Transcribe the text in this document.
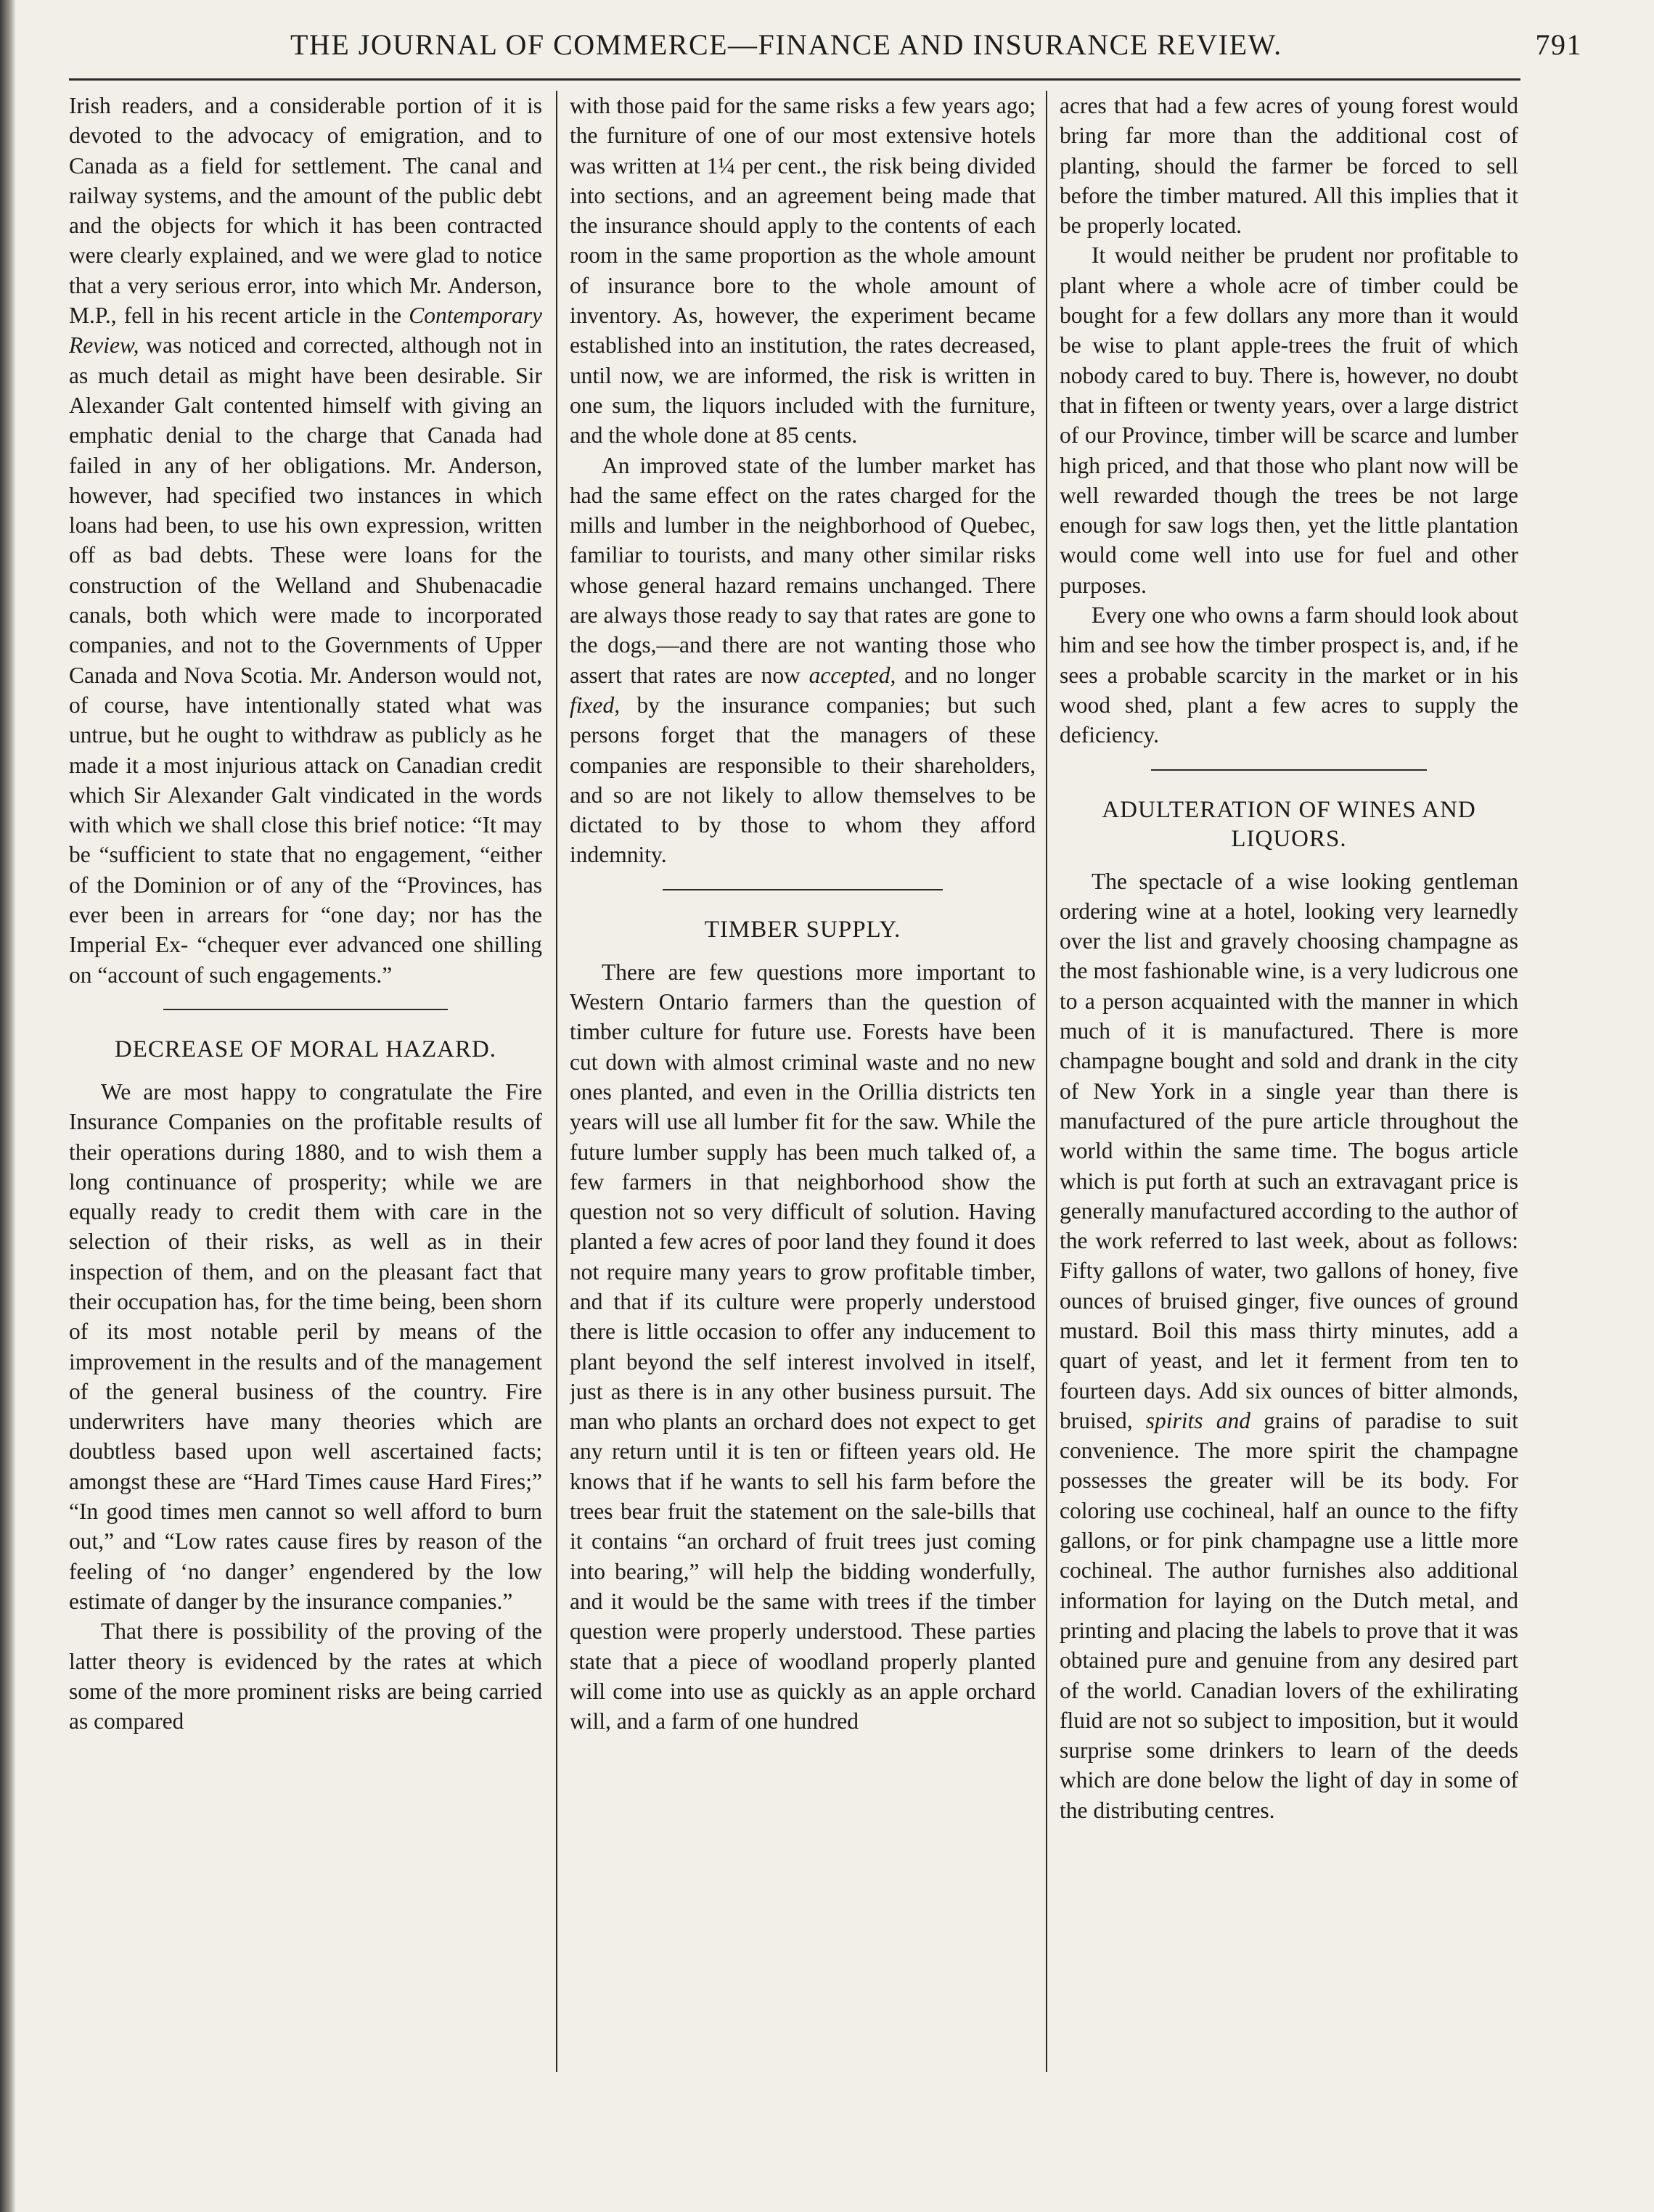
THE JOURNAL OF COMMERCE—FINANCE AND INSURANCE REVIEW.	791

Irish readers, and a considerable portion of it is devoted to the advocacy of emigration, and to Canada as a field for settlement. The canal and railway systems, and the amount of the public debt and the objects for which it has been contracted were clearly explained, and we were glad to notice that a very serious error, into which Mr. Anderson, M.P., fell in his recent article in the Contemporary Review, was noticed and corrected, although not in as much detail as might have been desirable. Sir Alexander Galt contented himself with giving an emphatic denial to the charge that Canada had failed in any of her obligations. Mr. Anderson, however, had specified two instances in which loans had been, to use his own expression, written off as bad debts. These were loans for the construction of the Welland and Shubenacadie canals, both which were made to incorporated companies, and not to the Governments of Upper Canada and Nova Scotia. Mr. Anderson would not, of course, have intentionally stated what was untrue, but he ought to withdraw as publicly as he made it a most injurious attack on Canadian credit which Sir Alexander Galt vindicated in the words with which we shall close this brief notice: “It may be “sufficient to state that no engagement, “either of the Dominion or of any of the “Provinces, has ever been in arrears for “one day; nor has the Imperial Ex- “chequer ever advanced one shilling on “account of such engagements.”

DECREASE OF MORAL HAZARD.

We are most happy to congratulate the Fire Insurance Companies on the profitable results of their operations during 1880, and to wish them a long continuance of prosperity; while we are equally ready to credit them with care in the selection of their risks, as well as in their inspection of them, and on the pleasant fact that their occupation has, for the time being, been shorn of its most notable peril by means of the improvement in the results and of the management of the general business of the country. Fire underwriters have many theories which are doubtless based upon well ascertained facts; amongst these are “Hard Times cause Hard Fires;” “In good times men cannot so well afford to burn out,” and “Low rates cause fires by reason of the feeling of ‘no danger’ engendered by the low estimate of danger by the insurance companies.”

That there is possibility of the proving of the latter theory is evidenced by the rates at which some of the more prominent risks are being carried as compared

with those paid for the same risks a few years ago; the furniture of one of our most extensive hotels was written at 1¼ per cent., the risk being divided into sections, and an agreement being made that the insurance should apply to the contents of each room in the same proportion as the whole amount of insurance bore to the whole amount of inventory. As, however, the experiment became established into an institution, the rates decreased, until now, we are informed, the risk is written in one sum, the liquors included with the furniture, and the whole done at 85 cents.

An improved state of the lumber market has had the same effect on the rates charged for the mills and lumber in the neighborhood of Quebec, familiar to tourists, and many other similar risks whose general hazard remains unchanged. There are always those ready to say that rates are gone to the dogs,—and there are not wanting those who assert that rates are now accepted, and no longer fixed, by the insurance companies; but such persons forget that the managers of these companies are responsible to their shareholders, and so are not likely to allow themselves to be dictated to by those to whom they afford indemnity.

TIMBER SUPPLY.

There are few questions more important to Western Ontario farmers than the question of timber culture for future use. Forests have been cut down with almost criminal waste and no new ones planted, and even in the Orillia districts ten years will use all lumber fit for the saw. While the future lumber supply has been much talked of, a few farmers in that neighborhood show the question not so very difficult of solution. Having planted a few acres of poor land they found it does not require many years to grow profitable timber, and that if its culture were properly understood there is little occasion to offer any inducement to plant beyond the self interest involved in itself, just as there is in any other business pursuit. The man who plants an orchard does not expect to get any return until it is ten or fifteen years old. He knows that if he wants to sell his farm before the trees bear fruit the statement on the sale-bills that it contains “an orchard of fruit trees just coming into bearing,” will help the bidding wonderfully, and it would be the same with trees if the timber question were properly understood. These parties state that a piece of woodland properly planted will come into use as quickly as an apple orchard will, and a farm of one hundred

acres that had a few acres of young forest would bring far more than the additional cost of planting, should the farmer be forced to sell before the timber matured. All this implies that it be properly located.

It would neither be prudent nor profitable to plant where a whole acre of timber could be bought for a few dollars any more than it would be wise to plant apple-trees the fruit of which nobody cared to buy. There is, however, no doubt that in fifteen or twenty years, over a large district of our Province, timber will be scarce and lumber high priced, and that those who plant now will be well rewarded though the trees be not large enough for saw logs then, yet the little plantation would come well into use for fuel and other purposes.

Every one who owns a farm should look about him and see how the timber prospect is, and, if he sees a probable scarcity in the market or in his wood shed, plant a few acres to supply the deficiency.

ADULTERATION OF WINES AND LIQUORS.

The spectacle of a wise looking gentleman ordering wine at a hotel, looking very learnedly over the list and gravely choosing champagne as the most fashionable wine, is a very ludicrous one to a person acquainted with the manner in which much of it is manufactured. There is more champagne bought and sold and drank in the city of New York in a single year than there is manufactured of the pure article throughout the world within the same time. The bogus article which is put forth at such an extravagant price is generally manufactured according to the author of the work referred to last week, about as follows: Fifty gallons of water, two gallons of honey, five ounces of bruised ginger, five ounces of ground mustard. Boil this mass thirty minutes, add a quart of yeast, and let it ferment from ten to fourteen days. Add six ounces of bitter almonds, bruised, spirits and grains of paradise to suit convenience. The more spirit the champagne possesses the greater will be its body. For coloring use cochineal, half an ounce to the fifty gallons, or for pink champagne use a little more cochineal. The author furnishes also additional information for laying on the Dutch metal, and printing and placing the labels to prove that it was obtained pure and genuine from any desired part of the world. Canadian lovers of the exhilirating fluid are not so subject to imposition, but it would surprise some drinkers to learn of the deeds which are done below the light of day in some of the distributing centres.
